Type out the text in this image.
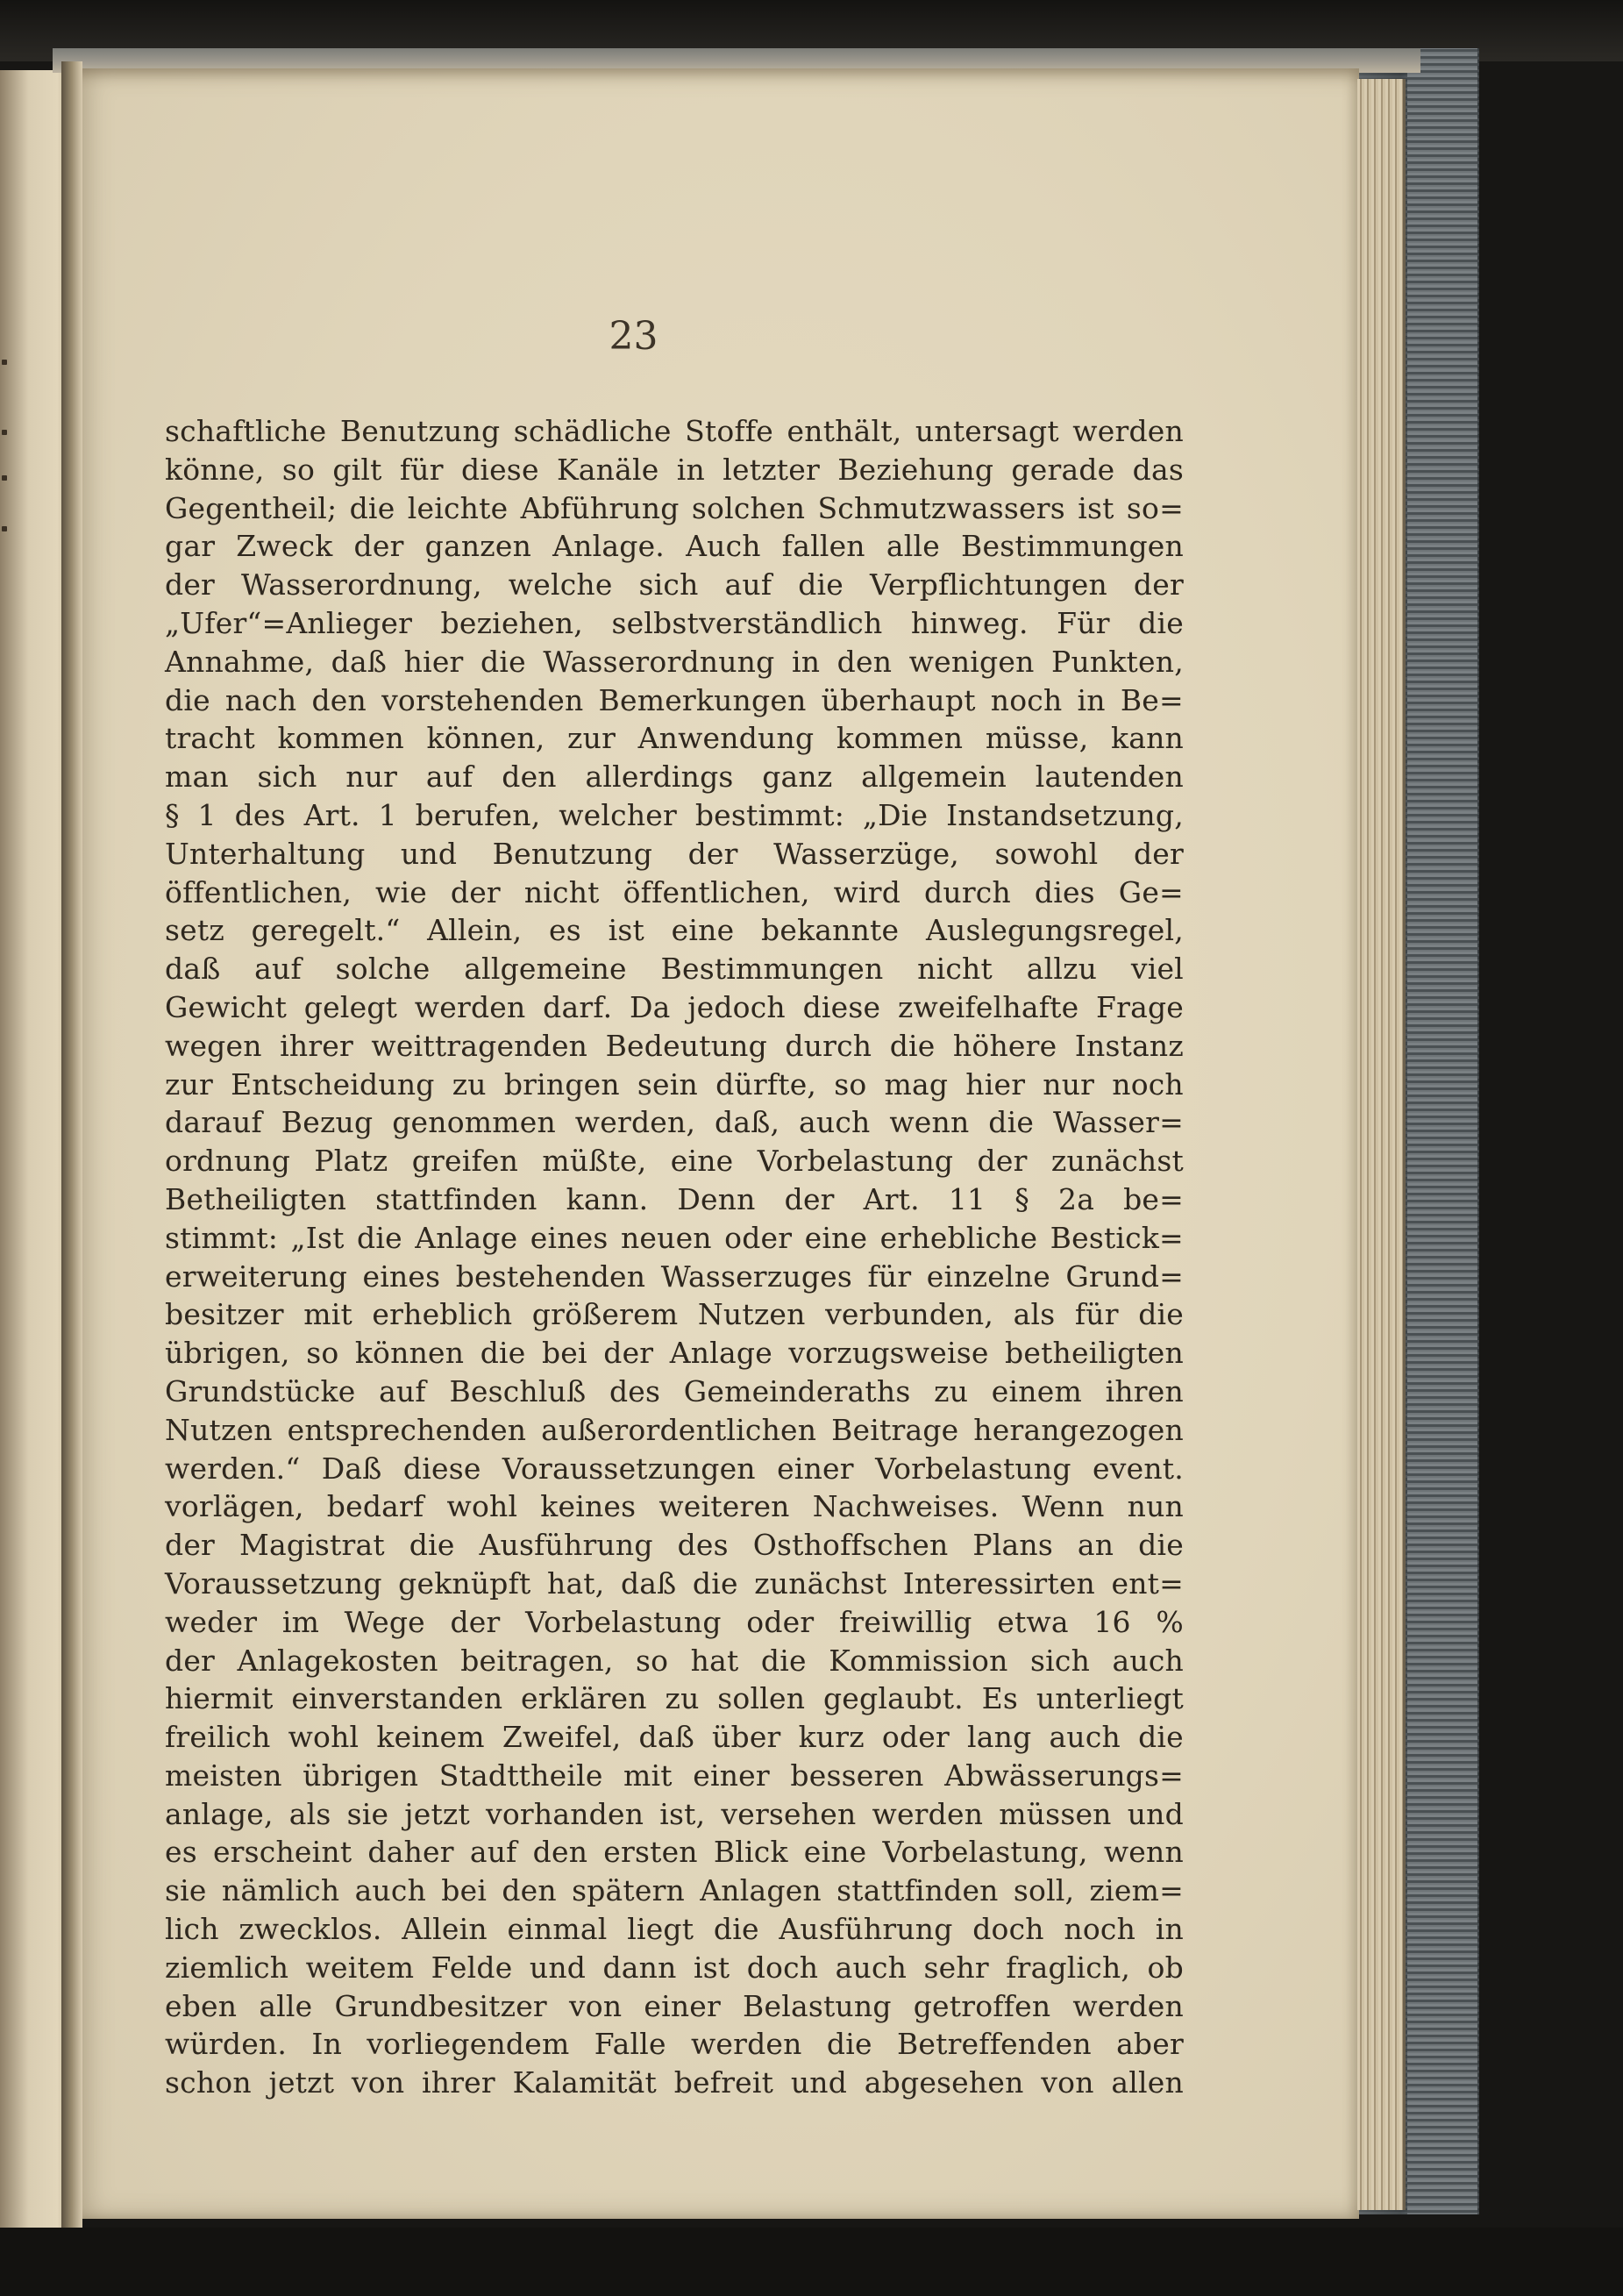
23
schaftliche Benutzung schädliche Stoffe enthält, untersagt werden
könne, so gilt für diese Kanäle in letzter Beziehung gerade das
Gegentheil; die leichte Abführung solchen Schmutzwassers ist so=
gar Zweck der ganzen Anlage. Auch fallen alle Bestimmungen
der Wasserordnung, welche sich auf die Verpflichtungen der
„Ufer“=Anlieger beziehen, selbstverständlich hinweg. Für die
Annahme, daß hier die Wasserordnung in den wenigen Punkten,
die nach den vorstehenden Bemerkungen überhaupt noch in Be=
tracht kommen können, zur Anwendung kommen müsse, kann
man sich nur auf den allerdings ganz allgemein lautenden
§ 1 des Art. 1 berufen, welcher bestimmt: „Die Instandsetzung,
Unterhaltung und Benutzung der Wasserzüge, sowohl der
öffentlichen, wie der nicht öffentlichen, wird durch dies Ge=
setz geregelt.“ Allein, es ist eine bekannte Auslegungsregel,
daß auf solche allgemeine Bestimmungen nicht allzu viel
Gewicht gelegt werden darf. Da jedoch diese zweifelhafte Frage
wegen ihrer weittragenden Bedeutung durch die höhere Instanz
zur Entscheidung zu bringen sein dürfte, so mag hier nur noch
darauf Bezug genommen werden, daß, auch wenn die Wasser=
ordnung Platz greifen müßte, eine Vorbelastung der zunächst
Betheiligten stattfinden kann. Denn der Art. 11 § 2a be=
stimmt: „Ist die Anlage eines neuen oder eine erhebliche Bestick=
erweiterung eines bestehenden Wasserzuges für einzelne Grund=
besitzer mit erheblich größerem Nutzen verbunden, als für die
übrigen, so können die bei der Anlage vorzugsweise betheiligten
Grundstücke auf Beschluß des Gemeinderaths zu einem ihren
Nutzen entsprechenden außerordentlichen Beitrage herangezogen
werden.“ Daß diese Voraussetzungen einer Vorbelastung event.
vorlägen, bedarf wohl keines weiteren Nachweises. Wenn nun
der Magistrat die Ausführung des Osthoffschen Plans an die
Voraussetzung geknüpft hat, daß die zunächst Interessirten ent=
weder im Wege der Vorbelastung oder freiwillig etwa 16 %
der Anlagekosten beitragen, so hat die Kommission sich auch
hiermit einverstanden erklären zu sollen geglaubt. Es unterliegt
freilich wohl keinem Zweifel, daß über kurz oder lang auch die
meisten übrigen Stadttheile mit einer besseren Abwässerungs=
anlage, als sie jetzt vorhanden ist, versehen werden müssen und
es erscheint daher auf den ersten Blick eine Vorbelastung, wenn
sie nämlich auch bei den spätern Anlagen stattfinden soll, ziem=
lich zwecklos. Allein einmal liegt die Ausführung doch noch in
ziemlich weitem Felde und dann ist doch auch sehr fraglich, ob
eben alle Grundbesitzer von einer Belastung getroffen werden
würden. In vorliegendem Falle werden die Betreffenden aber
schon jetzt von ihrer Kalamität befreit und abgesehen von allen
